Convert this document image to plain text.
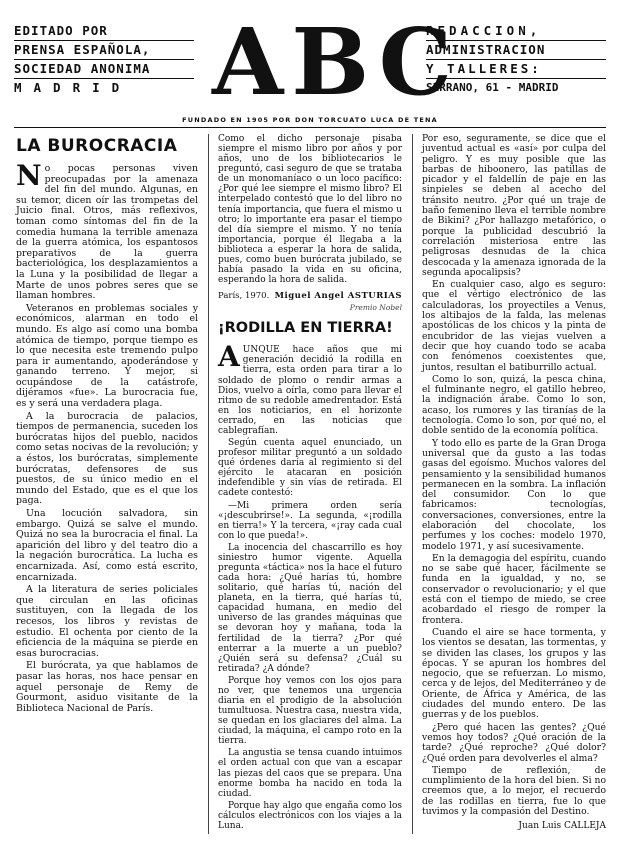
EDITADO POR
PRENSA ESPAÑOLA,
SOCIEDAD ANONIMA
MADRID ABC
REDACCION,
ADMINISTRACION
Y TALLERES:
SERRANO, 61 - MADRID
FUNDADO EN 1905 POR DON TORCUATO LUCA DE TENA
LA BUROCRACIA

No pocas personas viven preocupadas por la amenaza del fin del mundo. Algunas, en su temor, dicen oír las trompetas del Juicio final. Otros, más reflexivos, toman como síntomas del fin de la comedia humana la terrible amenaza de la guerra atómica, los espantosos preparativos de la guerra bacteriológica, los desplazamientos a la Luna y la posibilidad de llegar a Marte de unos pobres seres que se llaman hombres.

Veteranos en problemas sociales y económicos, alarman en todo el mundo. Es algo así como una bomba atómica de tiempo, porque tiempo es lo que necesita este tremendo pulpo para ir aumentando, apoderándose y ganando terreno. Y mejor, si ocupándose de la catástrofe, dijéramos «fue». La burocracia fue, es y será una verdadera plaga.

A la burocracia de palacios, tiempos de permanencia, suceden los burócratas hijos del pueblo, nacidos como setas nocivas de la revolución; y a éstos, los burócratas, simplemente burócratas, defensores de sus puestos, de su único medio en el mundo del Estado, que es el que los paga.

Una locución salvadora, sin embargo. Quizá se salve el mundo. Quizá no sea la burocracia el final. La aparición del libro y del teatro dio a la negación burocrática. La lucha es encarnizada. Así, como está escrito, encarnizada.

A la literatura de series policiales que circulan en las oficinas sustituyen, con la llegada de los recesos, los libros y revistas de estudio. El ochenta por ciento de la eficiencia de la máquina se pierde en esas burocracias.

El burócrata, ya que hablamos de pasar las horas, nos hace pensar en aquel personaje de Remy de Gourmont, asiduo visitante de la Biblioteca Nacional de París.

Como el dicho personaje pisaba siempre el mismo libro por años y por años, uno de los bibliotecarios le preguntó, casi seguro de que se trataba de un monomaníaco o un loco pacífico: ¿Por qué lee siempre el mismo libro? El interpelado contestó que lo del libro no tenía importancia, que fuera el mismo u otro; lo importante era pasar el tiempo del día siempre el mismo. Y no tenía importancia, porque él llegaba a la biblioteca a esperar la hora de salida, pues, como buen burócrata jubilado, se había pasado la vida en su oficina, esperando la hora de salida.

París, 1970. Miguel Angel ASTURIAS
Premio Nobel
¡RODILLA EN TIERRA!

AUNQUE hace años que mi generación decidió la rodilla en tierra, esta orden para tirar a lo soldado de plomo o rendir armas a Dios, vuelvo a oírla, como para llevar el ritmo de su redoble amedrentador. Está en los noticiarios, en el horizonte cerrado, en las noticias que cablegrafían.

Según cuenta aquel enunciado, un profesor militar preguntó a un soldado qué órdenes daría al regimiento si del ejército le atacaran en posición indefendible y sin vías de retirada. El cadete contestó:

—Mi primera orden sería «¡descubrirse!». La segunda, «¡rodilla en tierra!» Y la tercera, «¡ray cada cual con lo que pueda!».

La inocencia del chascarrillo es hoy siniestro humor vigente. Aquella pregunta «táctica» nos la hace el futuro cada hora: ¿Qué harías tú, hombre solitario, qué harías tú, nación del planeta, en la tierra, qué harías tú, capacidad humana, en medio del universo de las grandes máquinas que se devoran hoy y mañana, toda la fertilidad de la tierra? ¿Por qué enterrar a la muerte a un pueblo? ¿Quién será su defensa? ¿Cuál su retirada? ¿A dónde?

Porque hoy vemos con los ojos para no ver, que tenemos una urgencia diaria en el prodigio de la absolución tumultuosa. Nuestra casa, nuestra vida, se quedan en los glaciares del alma. La ciudad, la máquina, el campo roto en la tierra.

La angustia se tensa cuando intuimos el orden actual con que van a escapar las piezas del caos que se prepara. Una enorme bomba ha nacido en toda la ciudad.

Porque hay algo que engaña como los cálculos electrónicos con los viajes a la Luna.

Por eso, seguramente, se dice que el juventud actual es «así» por culpa del peligro. Y es muy posible que las barbas de hiboonero, las patillas de picador y el faldellín de paje en las sinpieles se deben al acecho del tránsito neutro. ¿Por qué un traje de baño femenino lleva el terrible nombre de Bikini? ¿Por hallazgo metafórico, o porque la publicidad descubrió la correlación misteriosa entre las peligrosas desnudas de la chica descocada y la amenaza ignorada de la segunda apocalipsis?

En cualquier caso, algo es seguro: que el vértigo electrónico de las calculadoras, los proyectiles a Venus, los altibajos de la falda, las melenas apostólicas de los chicos y la pinta de encubridor de las viejas vuelven a decir que hoy cuando todo se acaba con fenómenos coexistentes que, juntos, resultan el batiburrillo actual.

Como lo son, quizá, la pesca china, el fulminante negro, el gatillo hebreo, la indignación árabe. Como lo son, acaso, los rumores y las tiranías de la tecnología. Como lo son, por qué no, el doble sentido de la economía política.

Y todo ello es parte de la Gran Droga universal que da gusto a las todas gasas del egoísmo. Muchos valores del pensamiento y la sensibilidad humanos permanecen en la sombra. La inflación del consumidor. Con lo que fabricamos: tecnologías, conversaciones, conversiones, entre la elaboración del chocolate, los perfumes y los coches: modelo 1970, modelo 1971, y así sucesivamente.

En la demagogia del espíritu, cuando no se sabe qué hacer, fácilmente se funda en la igualdad, y no, se conservador o revolucionario; y el que está con el tiempo de miedo, se cree acobardado el riesgo de romper la frontera.

Cuando el aire se hace tormenta, y los vientos se desatan, las tormentas, y se dividen las clases, los grupos y las épocas. Y se apuran los hombres del negocio, que se refuerzan. Lo mismo, cerca y de lejos, del Mediterráneo y de Oriente, de África y América, de las ciudades del mundo entero. De las guerras y de los pueblos.

¿Pero qué hacen las gentes? ¿Qué vemos hoy todos? ¿Qué oración de la tarde? ¿Qué reproche? ¿Qué dolor? ¿Qué orden para devolverles el alma?

Tiempo de reflexión, de cumplimiento de la hora del bien. Si no creemos que, a lo mejor, el recuerdo de las rodillas en tierra, fue lo que tuvimos y la compasión del Destino.

Juan Luis CALLEJA
